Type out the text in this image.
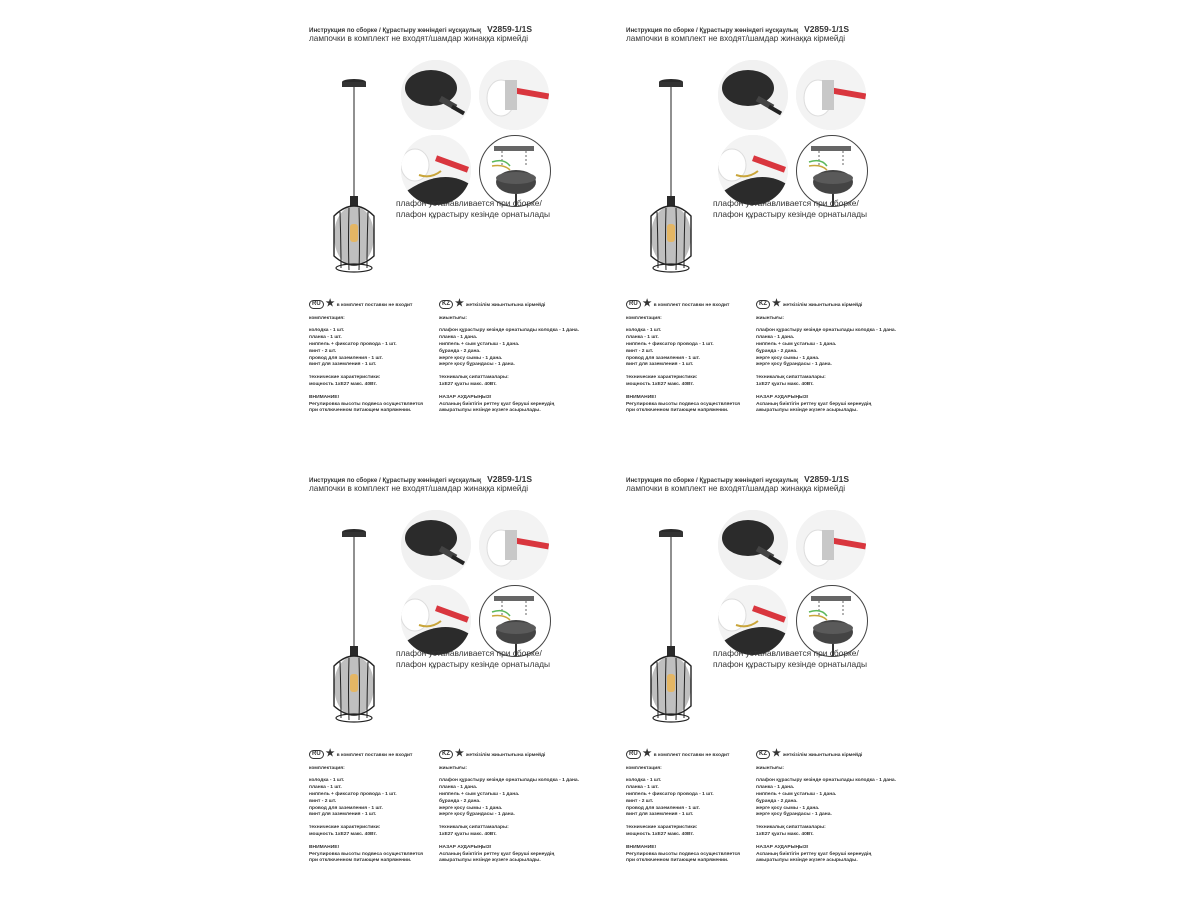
Инструкция по сборке / Құрастыру жөніндегі нұсқаулық V2859-1/1S
лампочки в комплект не входят/шамдар жинаққа кірмейді
плафон устанавливается при сборке/
плафон құрастыру кезінде орнатылады
RU ★ в комплект поставки не входит
комплектация:
колодка - 1 шт.
планка - 1 шт.
ниппель + фиксатор провода - 1 шт.
винт - 2 шт.
провод для заземления - 1 шт.
винт для заземления - 1 шт.
технические характеристики:
мощность 1хE27 макс. 40Вт.
ВНИМАНИЕ!
Регулировка высоты подвеса осуществляется
при отключенном питающем напряжении.
KZ ★ жеткізілім жиынтығына кірмейді
жиынтығы:
плафон құрастыру кезінде орнатылады колодка - 1 дана.
планка - 1 дана.
ниппель + сым ұстағыш - 1 дана.
бұранда - 2 дана.
жерге қосу сымы - 1 дана.
жерге қосу бұрандасы - 1 дана.
техникалық сипаттамалары:
1хE27 қуаты макс. 40Вт.
НАЗАР АУДАРЫҢЫЗ!
Аспаның биіктігін реттеу қуат беруші кернеудің
ажыратылуы кезінде жүзеге асырылады.
Инструкция по сборке / Құрастыру жөніндегі нұсқаулық V2859-1/1S
лампочки в комплект не входят/шамдар жинаққа кірмейді
плафон устанавливается при сборке/
плафон құрастыру кезінде орнатылады
RU ★ в комплект поставки не входит
комплектация:
колодка - 1 шт.
планка - 1 шт.
ниппель + фиксатор провода - 1 шт.
винт - 2 шт.
провод для заземления - 1 шт.
винт для заземления - 1 шт.
технические характеристики:
мощность 1хE27 макс. 40Вт.
ВНИМАНИЕ!
Регулировка высоты подвеса осуществляется
при отключенном питающем напряжении.
KZ ★ жеткізілім жиынтығына кірмейді
жиынтығы:
плафон құрастыру кезінде орнатылады колодка - 1 дана.
планка - 1 дана.
ниппель + сым ұстағыш - 1 дана.
бұранда - 2 дана.
жерге қосу сымы - 1 дана.
жерге қосу бұрандасы - 1 дана.
техникалық сипаттамалары:
1хE27 қуаты макс. 40Вт.
НАЗАР АУДАРЫҢЫЗ!
Аспаның биіктігін реттеу қуат беруші кернеудің
ажыратылуы кезінде жүзеге асырылады.
Инструкция по сборке / Құрастыру жөніндегі нұсқаулық V2859-1/1S
лампочки в комплект не входят/шамдар жинаққа кірмейді
плафон устанавливается при сборке/
плафон құрастыру кезінде орнатылады
RU ★ в комплект поставки не входит
комплектация:
колодка - 1 шт.
планка - 1 шт.
ниппель + фиксатор провода - 1 шт.
винт - 2 шт.
провод для заземления - 1 шт.
винт для заземления - 1 шт.
технические характеристики:
мощность 1хE27 макс. 40Вт.
ВНИМАНИЕ!
Регулировка высоты подвеса осуществляется
при отключенном питающем напряжении.
KZ ★ жеткізілім жиынтығына кірмейді
жиынтығы:
плафон құрастыру кезінде орнатылады колодка - 1 дана.
планка - 1 дана.
ниппель + сым ұстағыш - 1 дана.
бұранда - 2 дана.
жерге қосу сымы - 1 дана.
жерге қосу бұрандасы - 1 дана.
техникалық сипаттамалары:
1хE27 қуаты макс. 40Вт.
НАЗАР АУДАРЫҢЫЗ!
Аспаның биіктігін реттеу қуат беруші кернеудің
ажыратылуы кезінде жүзеге асырылады.
Инструкция по сборке / Құрастыру жөніндегі нұсқаулық V2859-1/1S
лампочки в комплект не входят/шамдар жинаққа кірмейді
плафон устанавливается при сборке/
плафон құрастыру кезінде орнатылады
RU ★ в комплект поставки не входит
комплектация:
колодка - 1 шт.
планка - 1 шт.
ниппель + фиксатор провода - 1 шт.
винт - 2 шт.
провод для заземления - 1 шт.
винт для заземления - 1 шт.
технические характеристики:
мощность 1хE27 макс. 40Вт.
ВНИМАНИЕ!
Регулировка высоты подвеса осуществляется
при отключенном питающем напряжении.
KZ ★ жеткізілім жиынтығына кірмейді
жиынтығы:
плафон құрастыру кезінде орнатылады колодка - 1 дана.
планка - 1 дана.
ниппель + сым ұстағыш - 1 дана.
бұранда - 2 дана.
жерге қосу сымы - 1 дана.
жерге қосу бұрандасы - 1 дана.
техникалық сипаттамалары:
1хE27 қуаты макс. 40Вт.
НАЗАР АУДАРЫҢЫЗ!
Аспаның биіктігін реттеу қуат беруші кернеудің
ажыратылуы кезінде жүзеге асырылады.
